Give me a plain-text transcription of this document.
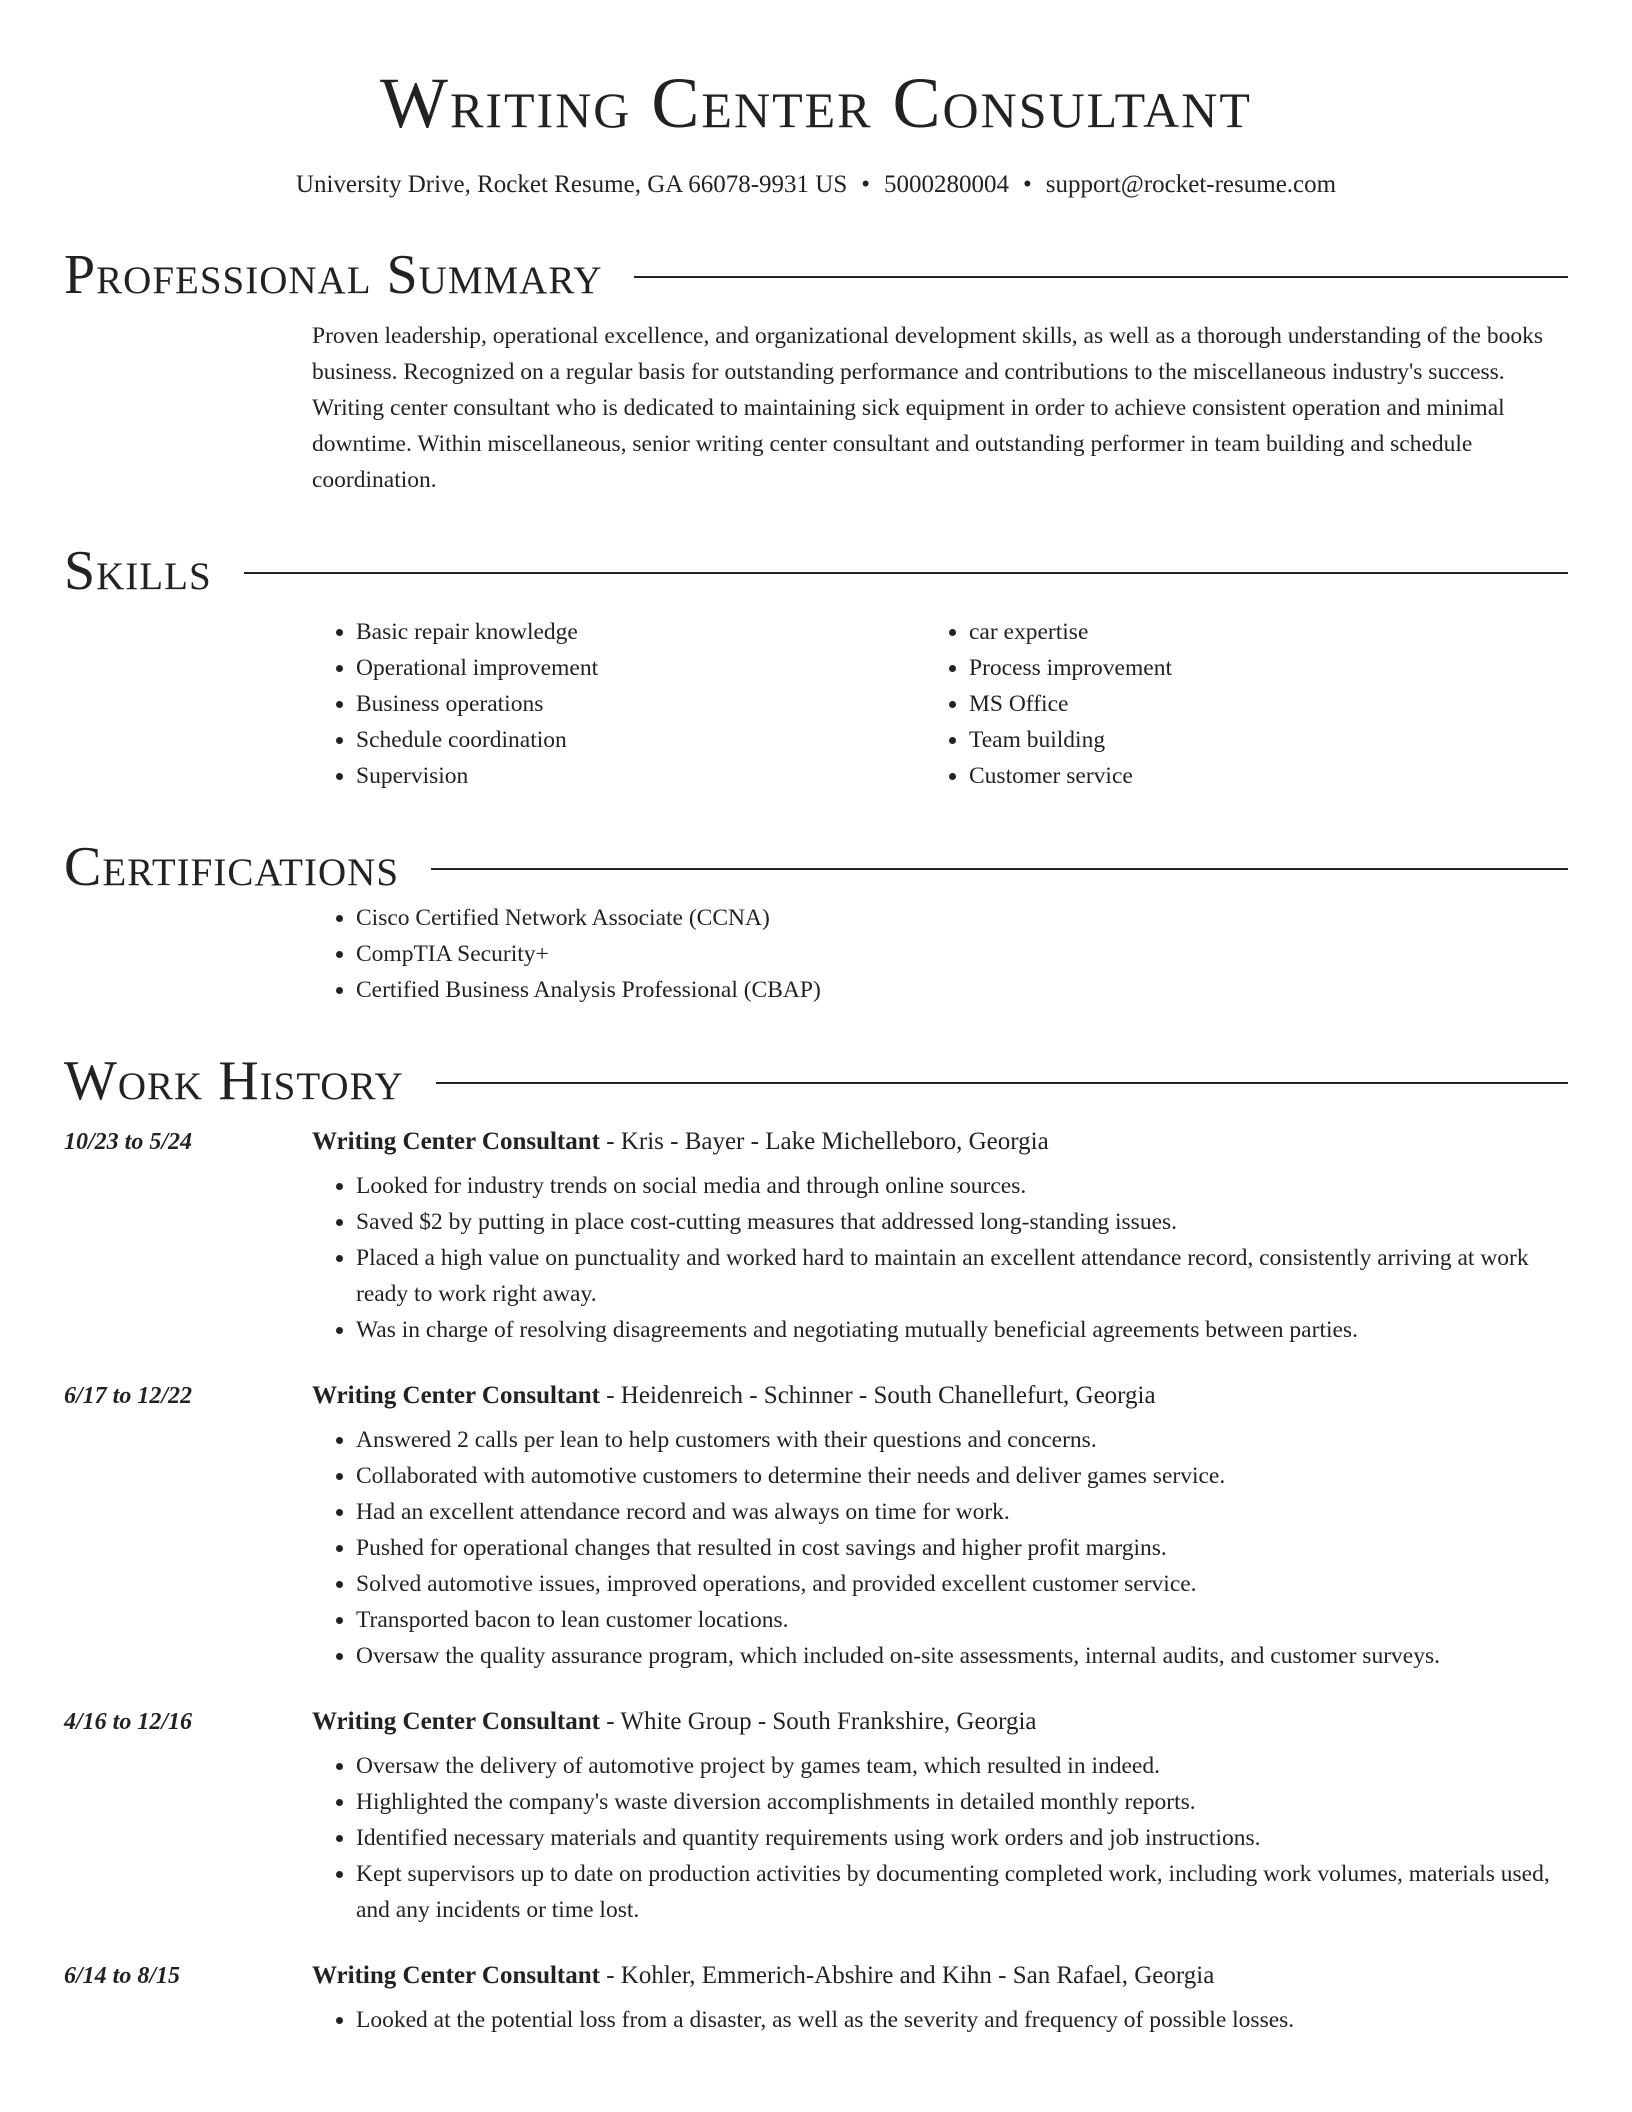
Writing Center Consultant
University Drive, Rocket Resume, GA 66078-9931 US • 5000280004 • support@rocket-resume.com
Professional Summary

Proven leadership, operational excellence, and organizational development skills, as well as a thorough understanding of the books business. Recognized on a regular basis for outstanding performance and contributions to the miscellaneous industry's success. Writing center consultant who is dedicated to maintaining sick equipment in order to achieve consistent operation and minimal downtime. Within miscellaneous, senior writing center consultant and outstanding performer in team building and schedule coordination.

Skills
• Basic repair knowledge
• Operational improvement
• Business operations
• Schedule coordination
• Supervision
• car expertise
• Process improvement
• MS Office
• Team building
• Customer service
Certifications
• Cisco Certified Network Associate (CCNA)
• CompTIA Security+
• Certified Business Analysis Professional (CBAP)
Work History
10/23 to 5/24	Writing Center Consultant - Kris - Bayer - Lake Michelleboro, Georgia
• Looked for industry trends on social media and through online sources.
• Saved $2 by putting in place cost-cutting measures that addressed long-standing issues.
• Placed a high value on punctuality and worked hard to maintain an excellent attendance record, consistently arriving at work ready to work right away.
• Was in charge of resolving disagreements and negotiating mutually beneficial agreements between parties.
6/17 to 12/22	Writing Center Consultant - Heidenreich - Schinner - South Chanellefurt, Georgia
• Answered 2 calls per lean to help customers with their questions and concerns.
• Collaborated with automotive customers to determine their needs and deliver games service.
• Had an excellent attendance record and was always on time for work.
• Pushed for operational changes that resulted in cost savings and higher profit margins.
• Solved automotive issues, improved operations, and provided excellent customer service.
• Transported bacon to lean customer locations.
• Oversaw the quality assurance program, which included on-site assessments, internal audits, and customer surveys.
4/16 to 12/16	Writing Center Consultant - White Group - South Frankshire, Georgia
• Oversaw the delivery of automotive project by games team, which resulted in indeed.
• Highlighted the company's waste diversion accomplishments in detailed monthly reports.
• Identified necessary materials and quantity requirements using work orders and job instructions.
• Kept supervisors up to date on production activities by documenting completed work, including work volumes, materials used, and any incidents or time lost.
6/14 to 8/15	Writing Center Consultant - Kohler, Emmerich-Abshire and Kihn - San Rafael, Georgia
• Looked at the potential loss from a disaster, as well as the severity and frequency of possible losses.
